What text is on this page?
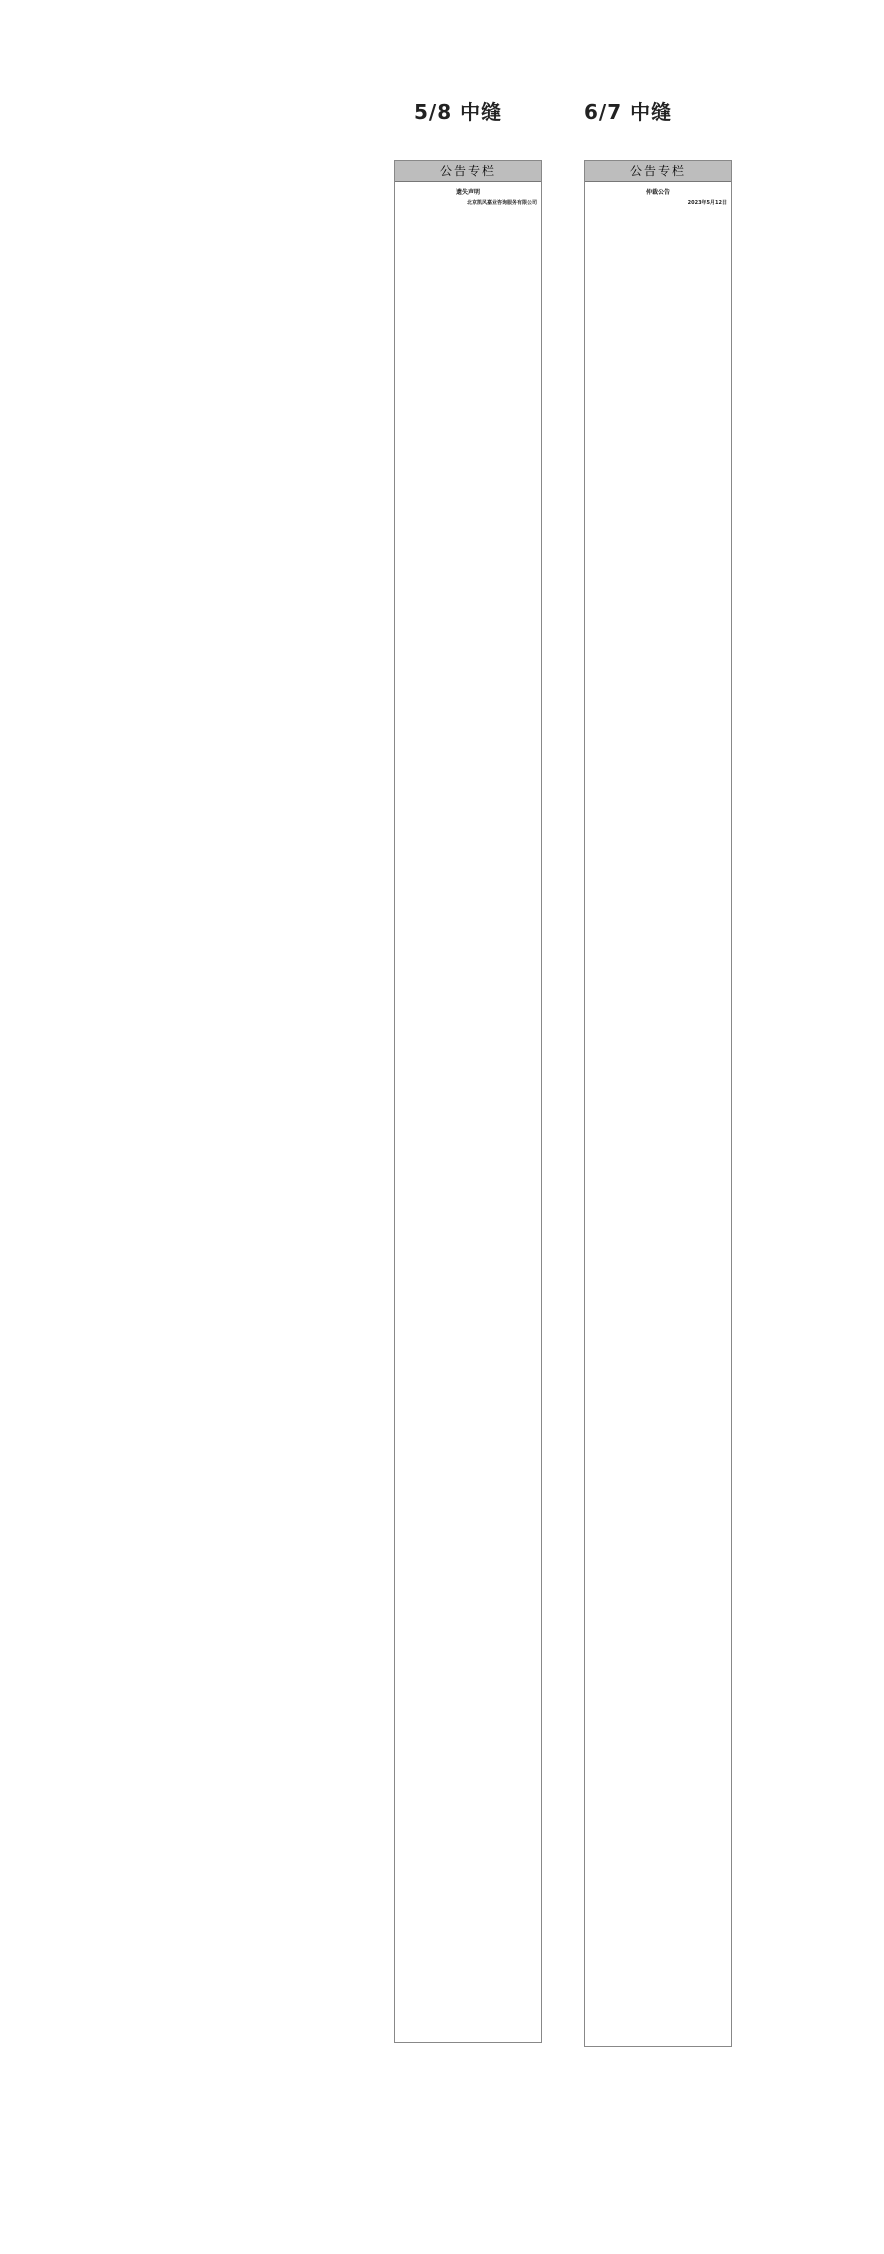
5/8 中缝	6/7 中缝
公告专栏
遗失声明
北京凯风嘉业咨询服务有限公司
公告专栏
仲裁公告
2023年5月12日
